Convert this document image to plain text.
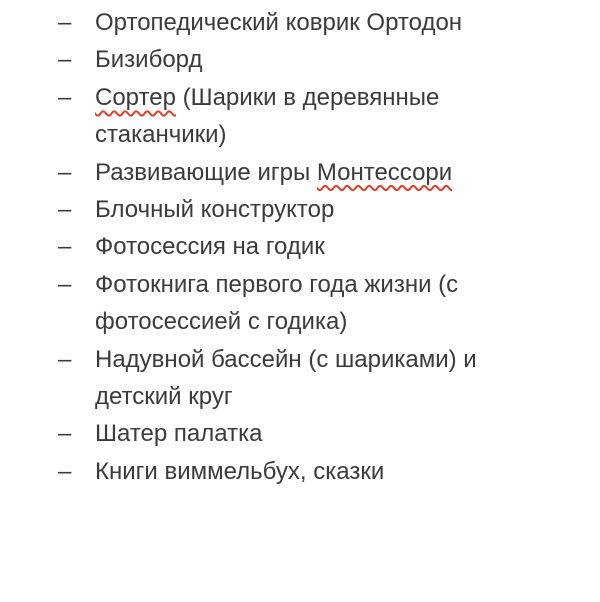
– Ортопедический коврик Ортодон
– Бизиборд
– Сортер (Шарики в деревянные стаканчики)
– Развивающие игры Монтессори
– Блочный конструктор
– Фотосессия на годик
– Фотокнига первого года жизни (с фотосессией с годика)
– Надувной бассейн (с шариками) и детский круг
– Шатер палатка
– Книги виммельбух, сказки
